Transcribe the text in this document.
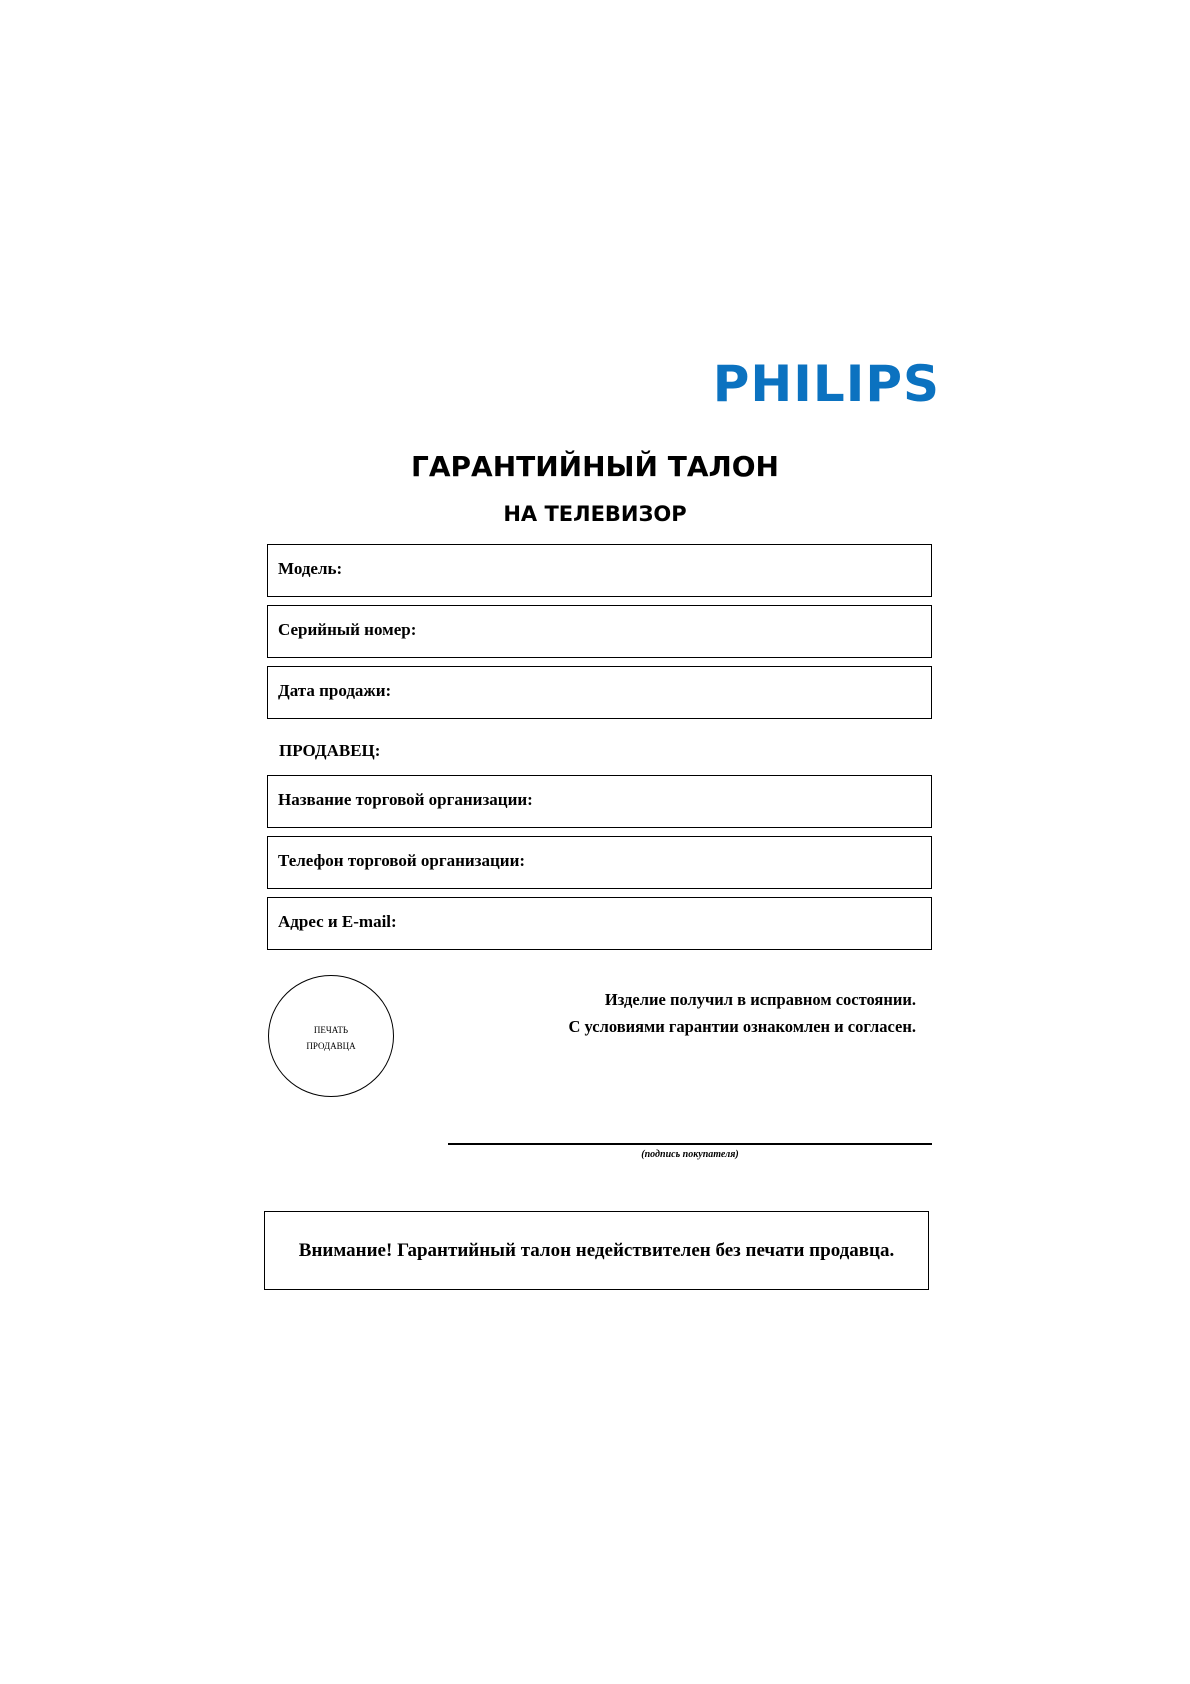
PHILIPS
ГАРАНТИЙНЫЙ ТАЛОН
НА ТЕЛЕВИЗОР
Модель:
Серийный номер:
Дата продажи:
ПРОДАВЕЦ:
Название торговой организации:
Телефон торговой организации:
Адрес и E-mail:
ПЕЧАТЬ
ПРОДАВЦА
Изделие получил в исправном состоянии.
С условиями гарантии ознакомлен и согласен.
(подпись покупателя)
Внимание! Гарантийный талон недействителен без печати продавца.
